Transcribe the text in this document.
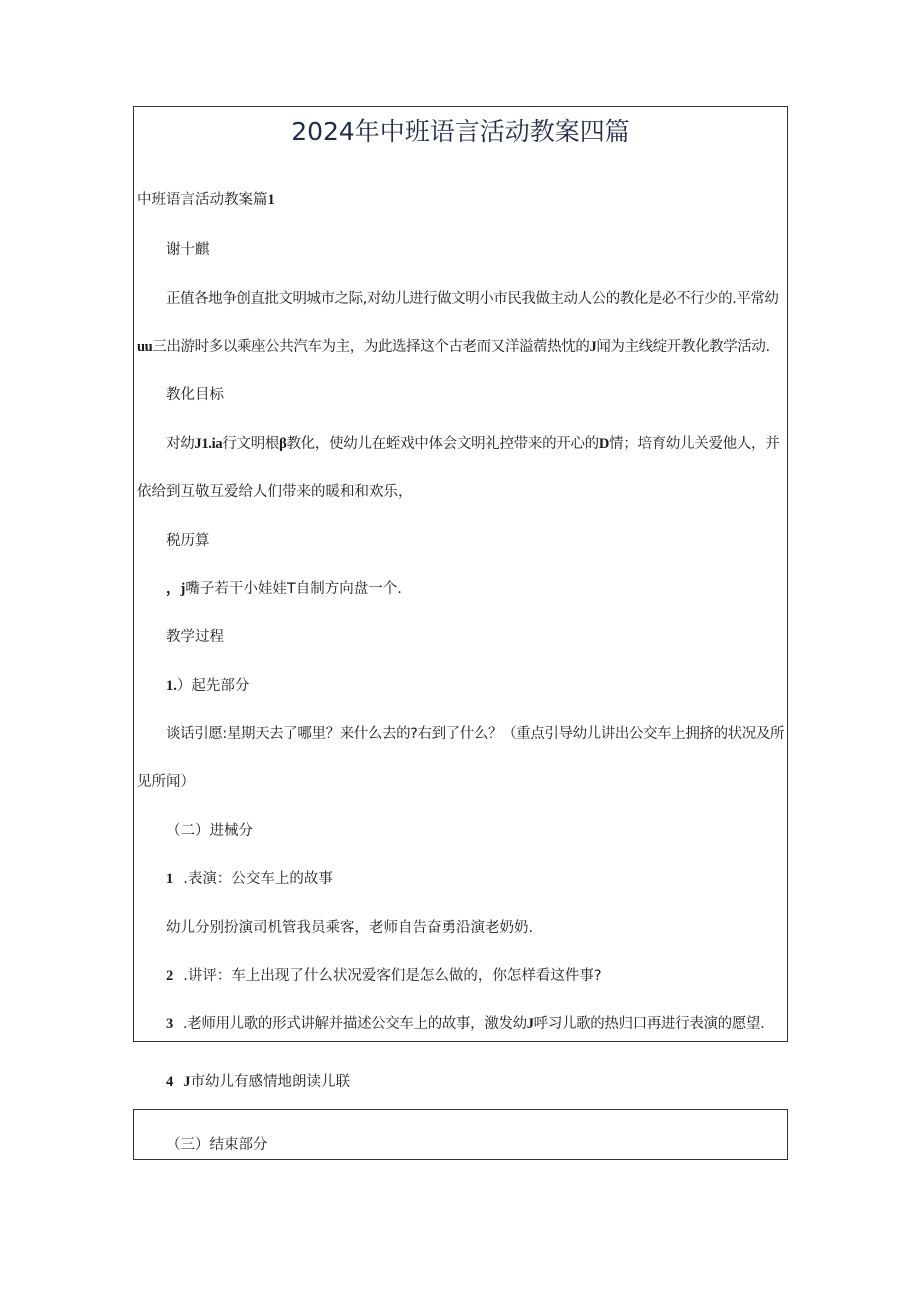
2024年中班语言活动教案四篇
中班语言活动教案篇1
谢十麒
正值各地争创直批文明城市之际,对幼儿进行做文明小市民我做主动人公的教化是必不行少的.平常幼
uu三出游时多以乘座公共汽车为主，为此选择这个古老而又洋溢蓿热忱的J闻为主线绽开教化教学活动.
教化目标
对幼J1.ia行文明根β教化，使幼儿在蛭戏中体会文明礼控带来的开心的D情；培育幼儿关爱他人，并
依给到互敬互爱给人们带来的暖和和欢乐，
税历算
，j嘴子若干小娃娃T自制方向盘一个.
教学过程
1.）起先部分
谈话引愿:星期天去了哪里？来什么去的?右到了什么？（重点引导幼儿讲出公交车上拥挤的状况及所
见所闻）
（二）进械分
1 .表演：公交车上的故事
幼儿分别扮演司机管我员乘客，老师自告奋勇沿演老奶奶.
2 .讲评：车上出现了什么状况爱客们是怎么做的，你怎样看这件事?
3 .老师用儿歌的形式讲解并描述公交车上的故事，激发幼J呼习儿歌的热归口再进行表演的愿望.
4 J市幼儿有感情地朗读儿联
（三）结束部分
